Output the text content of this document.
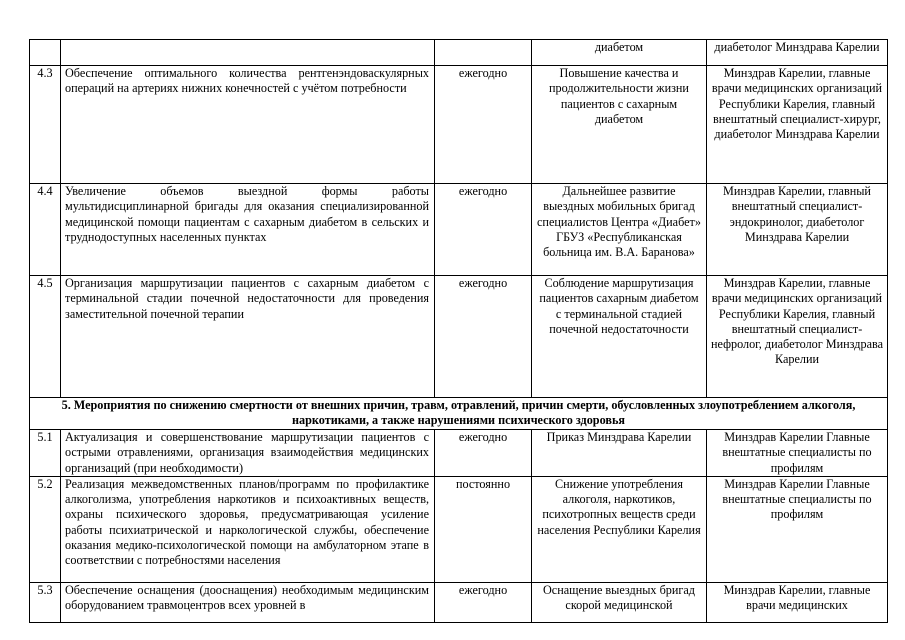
			диабетом	диабетолог Минздрава Карелии
4.3	Обеспечение оптимального количества рентгенэндоваскулярных операций на артериях нижних конечностей с учётом потребности	ежегодно	Повышение качества и продолжительности жизни пациентов с сахарным диабетом	Минздрав Карелии, главные врачи медицинских организаций Республики Карелия, главный внештатный специалист-хирург, диабетолог Минздрава Карелии
4.4	Увеличение объемов выездной формы работы мультидисциплинарной бригады для оказания специализированной медицинской помощи пациентам с сахарным диабетом в сельских и труднодоступных населенных пунктах	ежегодно	Дальнейшее развитие выездных мобильных бригад специалистов Центра «Диабет» ГБУЗ «Республиканская больница им. В.А. Баранова»	Минздрав Карелии, главный внештатный специалист-эндокринолог, диабетолог Минздрава Карелии
4.5	Организация маршрутизации пациентов с сахарным диабетом с терминальной стадии почечной недостаточности для проведения заместительной почечной терапии	ежегодно	Соблюдение маршрутизация пациентов сахарным диабетом с терминальной стадией почечной недостаточности	Минздрав Карелии, главные врачи медицинских организаций Республики Карелия, главный внештатный специалист-нефролог, диабетолог Минздрава Карелии
5. Мероприятия по снижению смертности от внешних причин, травм, отравлений, причин смерти, обусловленных злоупотреблением алкоголя, наркотиками, а также нарушениями психического здоровья				
5.1	Актуализация и совершенствование маршрутизации пациентов с острыми отравлениями, организация взаимодействия медицинских организаций (при необходимости)	ежегодно	Приказ Минздрава Карелии	Минздрав Карелии Главные внештатные специалисты по профилям
5.2	Реализация межведомственных планов/программ по профилактике алкоголизма, употребления наркотиков и психоактивных веществ, охраны психического здоровья, предусматривающая усиление работы психиатрической и наркологической службы, обеспечение оказания медико-психологической помощи на амбулаторном этапе в соответствии с потребностями населения	постоянно	Снижение употребления алкоголя, наркотиков, психотропных веществ среди населения Республики Карелия	Минздрав Карелии Главные внештатные специалисты по профилям
5.3	Обеспечение оснащения (дооснащения) необходимым медицинским оборудованием травмоцентров всех уровней в	ежегодно	Оснащение выездных бригад скорой медицинской	Минздрав Карелии, главные врачи медицинских
